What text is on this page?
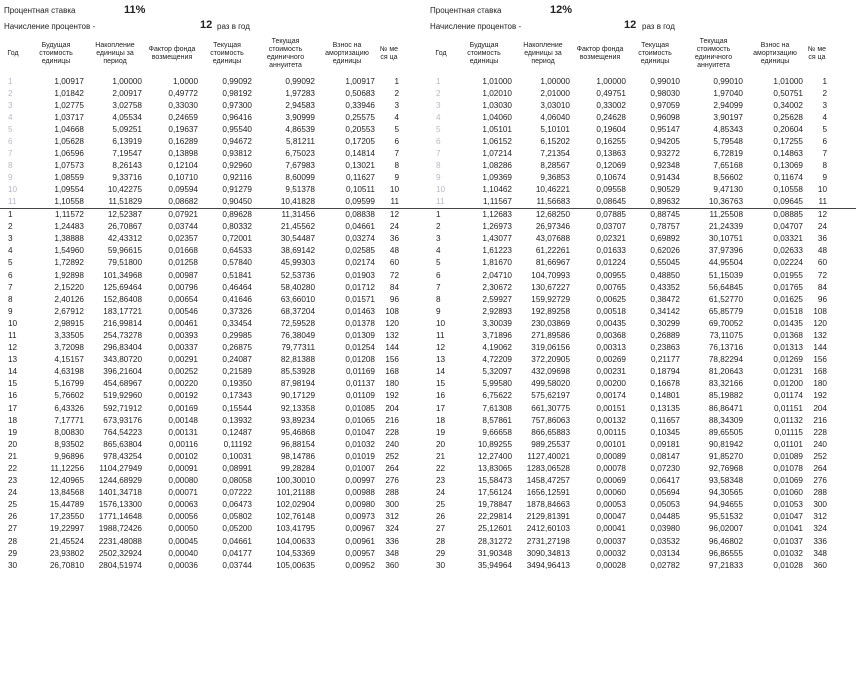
Процентная ставка	11%
Начисление процентов -	12 раз в год
Год	Будущая стоимость единицы	Накопление единицы за период	Фактор фонда возмещения	Текущая стоимость единицы	Текущая стоимость единичного аннуитета	Взнос на амортизацию единицы	№ ме ся ца	
1	1,00917	1,00000	1,0000	0,99092	0,99092	1,00917	1	
2	1,01842	2,00917	0,49772	0,98192	1,97283	0,50683	2	
3	1,02775	3,02758	0,33030	0,97300	2,94583	0,33946	3	
4	1,03717	4,05534	0,24659	0,96416	3,90999	0,25575	4	
5	1,04668	5,09251	0,19637	0,95540	4,86539	0,20553	5	
6	1,05628	6,13919	0,16289	0,94672	5,81211	0,17205	6	
7	1,06596	7,19547	0,13898	0,93812	6,75023	0,14814	7	
8	1,07573	8,26143	0,12104	0,92960	7,67983	0,13021	8	
9	1,08559	9,33716	0,10710	0,92116	8,60099	0,11627	9	
10	1,09554	10,42275	0,09594	0,91279	9,51378	0,10511	10	
11	1,10558	11,51829	0,08682	0,90450	10,41828	0,09599	11	
1	1,11572	12,52387	0,07921	0,89628	11,31456	0,08838	12	
2	1,24483	26,70867	0,03744	0,80332	21,45562	0,04661	24	
3	1,38888	42,43312	0,02357	0,72001	30,54487	0,03274	36	
4	1,54960	59,96615	0,01668	0,64533	38,69142	0,02585	48	
5	1,72892	79,51800	0,01258	0,57840	45,99303	0,02174	60	
6	1,92898	101,34968	0,00987	0,51841	52,53736	0,01903	72	
7	2,15220	125,69464	0,00796	0,46464	58,40280	0,01712	84	
8	2,40126	152,86408	0,00654	0,41646	63,66010	0,01571	96	
9	2,67912	183,17721	0,00546	0,37326	68,37204	0,01463	108	
10	2,98915	216,99814	0,00461	0,33454	72,59528	0,01378	120	
11	3,33505	254,73278	0,00393	0,29985	76,38049	0,01309	132	
12	3,72098	296,83404	0,00337	0,26875	79,77311	0,01254	144	
13	4,15157	343,80720	0,00291	0,24087	82,81388	0,01208	156	
14	4,63198	396,21604	0,00252	0,21589	85,53928	0,01169	168	
15	5,16799	454,68967	0,00220	0,19350	87,98194	0,01137	180	
16	5,76602	519,92960	0,00192	0,17343	90,17129	0,01109	192	
17	6,43326	592,71912	0,00169	0,15544	92,13358	0,01085	204	
18	7,17771	673,93176	0,00148	0,13932	93,89234	0,01065	216	
19	8,00830	764,54223	0,00131	0,12487	95,46868	0,01047	228	
20	8,93502	865,63804	0,00116	0,11192	96,88154	0,01032	240	
21	9,96896	978,43254	0,00102	0,10031	98,14786	0,01019	252	
22	11,12256	1104,27949	0,00091	0,08991	99,28284	0,01007	264	
23	12,40965	1244,68929	0,00080	0,08058	100,30010	0,00997	276	
24	13,84568	1401,34718	0,00071	0,07222	101,21188	0,00988	288	
25	15,44789	1576,13300	0,00063	0,06473	102,02904	0,00980	300	
26	17,23550	1771,14648	0,00056	0,05802	102,76148	0,00973	312	
27	19,22997	1988,72426	0,00050	0,05200	103,41795	0,00967	324	
28	21,45524	2231,48088	0,00045	0,04661	104,00633	0,00961	336	
29	23,93802	2502,32924	0,00040	0,04177	104,53369	0,00957	348	
30	26,70810	2804,51974	0,00036	0,03744	105,00635	0,00952	360	
Процентная ставка	12%
Начисление процентов -	12 раз в год
Год	Будущая стоимость единицы	Накопление единицы за период	Фактор фонда возмещения	Текущая стоимость единицы	Текущая стоимость единичного аннуитета	Взнос на амортизацию единицы	№ ме ся ца	
1	1,01000	1,00000	1,00000	0,99010	0,99010	1,01000	1	
2	1,02010	2,01000	0,49751	0,98030	1,97040	0,50751	2	
3	1,03030	3,03010	0,33002	0,97059	2,94099	0,34002	3	
4	1,04060	4,06040	0,24628	0,96098	3,90197	0,25628	4	
5	1,05101	5,10101	0,19604	0,95147	4,85343	0,20604	5	
6	1,06152	6,15202	0,16255	0,94205	5,79548	0,17255	6	
7	1,07214	7,21354	0,13863	0,93272	6,72819	0,14863	7	
8	1,08286	8,28567	0,12069	0,92348	7,65168	0,13069	8	
9	1,09369	9,36853	0,10674	0,91434	8,56602	0,11674	9	
10	1,10462	10,46221	0,09558	0,90529	9,47130	0,10558	10	
11	1,11567	11,56683	0,08645	0,89632	10,36763	0,09645	11	
1	1,12683	12,68250	0,07885	0,88745	11,25508	0,08885	12	
2	1,26973	26,97346	0,03707	0,78757	21,24339	0,04707	24	
3	1,43077	43,07688	0,02321	0,69892	30,10751	0,03321	36	
4	1,61223	61,22261	0,01633	0,62026	37,97396	0,02633	48	
5	1,81670	81,66967	0,01224	0,55045	44,95504	0,02224	60	
6	2,04710	104,70993	0,00955	0,48850	51,15039	0,01955	72	
7	2,30672	130,67227	0,00765	0,43352	56,64845	0,01765	84	
8	2,59927	159,92729	0,00625	0,38472	61,52770	0,01625	96	
9	2,92893	192,89258	0,00518	0,34142	65,85779	0,01518	108	
10	3,30039	230,03869	0,00435	0,30299	69,70052	0,01435	120	
11	3,71896	271,89586	0,00368	0,26889	73,11075	0,01368	132	
12	4,19062	319,06156	0,00313	0,23863	76,13716	0,01313	144	
13	4,72209	372,20905	0,00269	0,21177	78,82294	0,01269	156	
14	5,32097	432,09698	0,00231	0,18794	81,20643	0,01231	168	
15	5,99580	499,58020	0,00200	0,16678	83,32166	0,01200	180	
16	6,75622	575,62197	0,00174	0,14801	85,19882	0,01174	192	
17	7,61308	661,30775	0,00151	0,13135	86,86471	0,01151	204	
18	8,57861	757,86063	0,00132	0,11657	88,34309	0,01132	216	
19	9,66658	866,65883	0,00115	0,10345	89,65505	0,01115	228	
20	10,89255	989,25537	0,00101	0,09181	90,81942	0,01101	240	
21	12,27400	1127,40021	0,00089	0,08147	91,85270	0,01089	252	
22	13,83065	1283,06528	0,00078	0,07230	92,76968	0,01078	264	
23	15,58473	1458,47257	0,00069	0,06417	93,58348	0,01069	276	
24	17,56124	1656,12591	0,00060	0,05694	94,30565	0,01060	288	
25	19,78847	1878,84663	0,00053	0,05053	94,94655	0,01053	300	
26	22,29814	2129,81391	0,00047	0,04485	95,51532	0,01047	312	
27	25,12601	2412,60103	0,00041	0,03980	96,02007	0,01041	324	
28	28,31272	2731,27198	0,00037	0,03532	96,46802	0,01037	336	
29	31,90348	3090,34813	0,00032	0,03134	96,86555	0,01032	348	
30	35,94964	3494,96413	0,00028	0,02782	97,21833	0,01028	360	
